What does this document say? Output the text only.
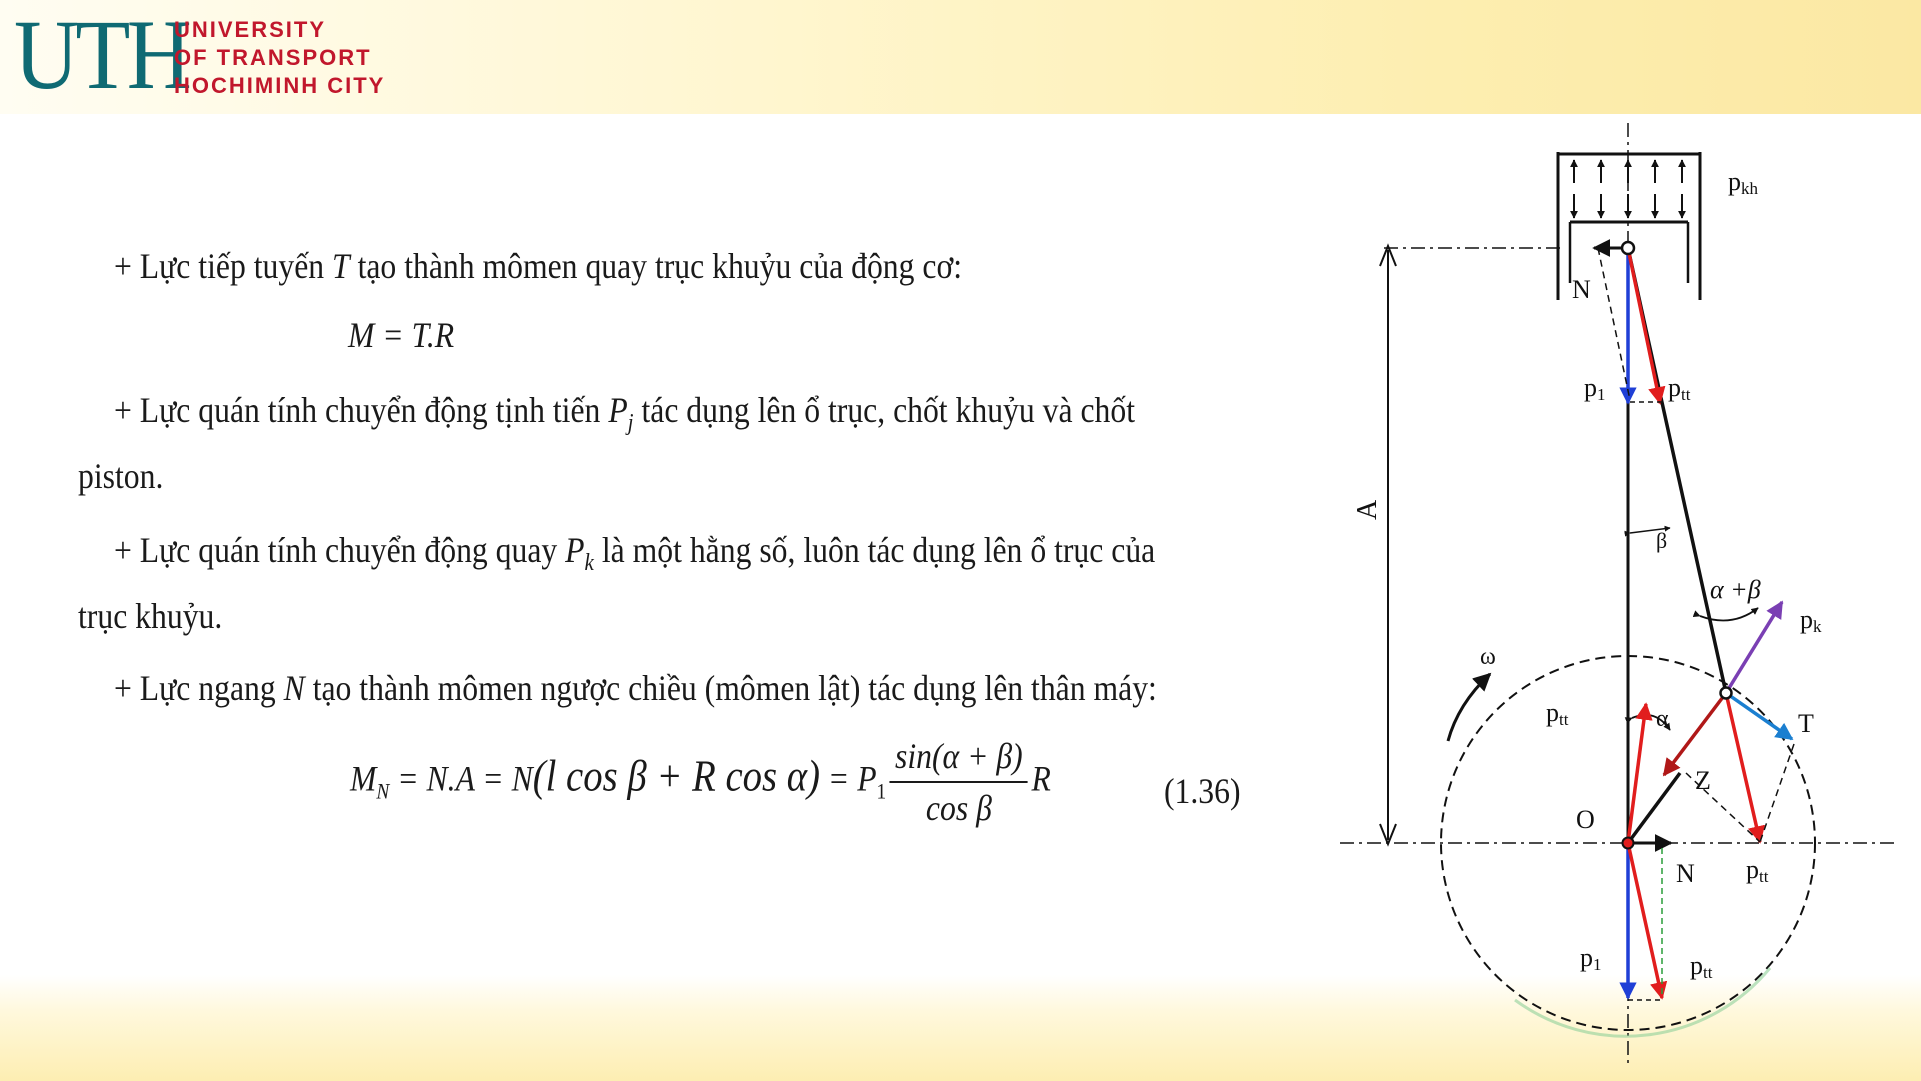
UTH
UNIVERSITY
OF TRANSPORT
HOCHIMINH CITY
+ Lực tiếp tuyến T tạo thành mômen quay trục khuỷu của động cơ:
M = T.R
+ Lực quán tính chuyển động tịnh tiến $P_j$ tác dụng lên ổ trục, chốt khuỷu và chốt
piston.
+ Lực quán tính chuyển động quay $P_k$ là một hằng số, luôn tác dụng lên ổ trục của
trục khuỷu.
+ Lực ngang N tạo thành mômen ngược chiều (mômen lật) tác dụng lên thân máy:
$M_N = N.A = N(l$ cos β + R $\cos \alpha) = P_1 \frac{\sin(\alpha + \beta)}{\text{cos β}}$ R	(1.36)
pkh
N
p1 ptt
A
β
α +β
pk
ω
ptt	α	T
Z
O
N ptt
p1	ptt
